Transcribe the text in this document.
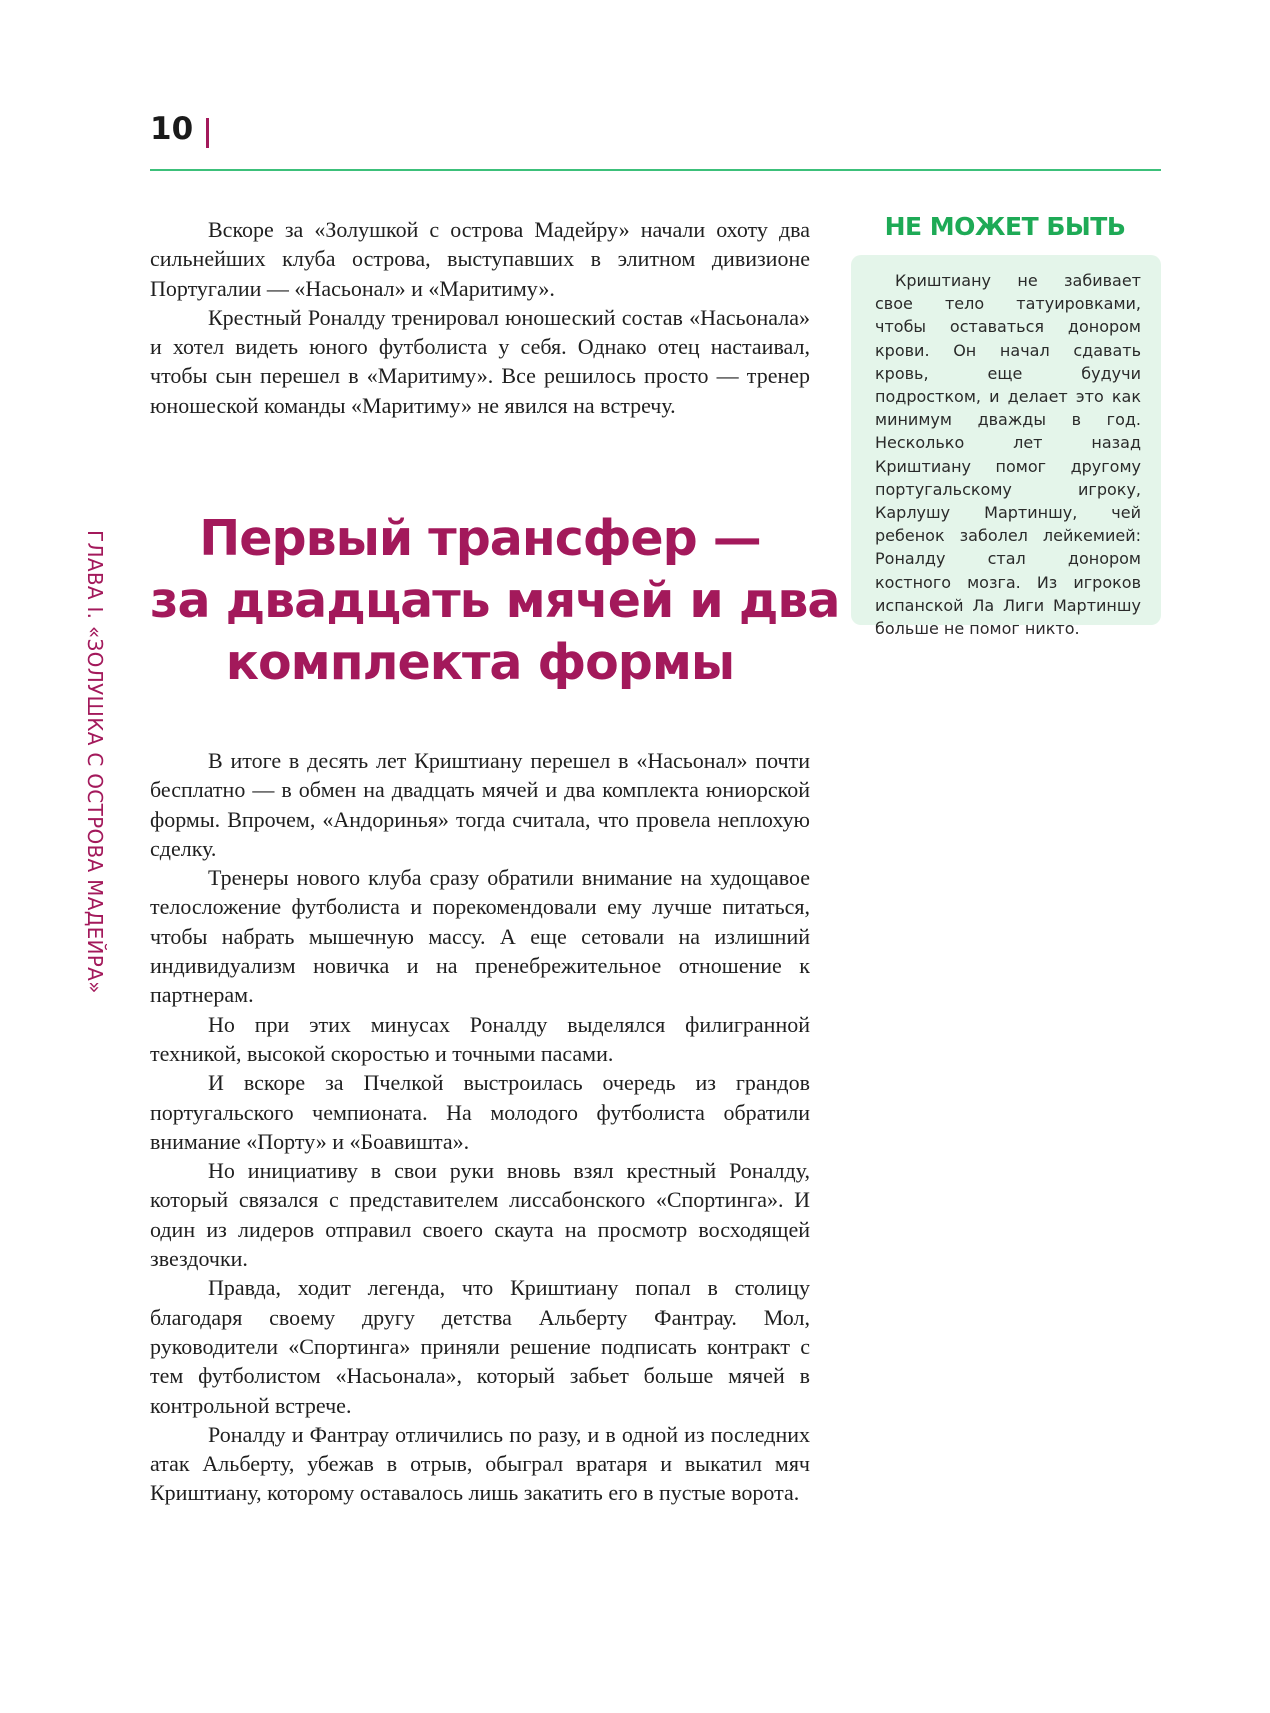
10
ГЛАВА I. «ЗОЛУШКА С ОСТРОВА МАДЕЙРА»

Вскоре за «Золушкой с острова Мадейру» начали охоту два сильнейших клуба острова, выступавших в элитном дивизионе Португалии — «Насьонал» и «Маритиму».

Крестный Роналду тренировал юношеский состав «Насьонала» и хотел видеть юного футболиста у себя. Однако отец настаивал, чтобы сын перешел в «Маритиму». Все решилось просто — тренер юношеской команды «Маритиму» не явился на встречу.

Первый трансфер —
за двадцать мячей и два
комплекта формы

В итоге в десять лет Криштиану перешел в «Насьонал» почти бесплатно — в обмен на двадцать мячей и два комплекта юниорской формы. Впрочем, «Андоринья» тогда считала, что провела неплохую сделку.

Тренеры нового клуба сразу обратили внимание на худощавое телосложение футболиста и порекомендовали ему лучше питаться, чтобы набрать мышечную массу. А еще сетовали на излишний индивидуализм новичка и на пренебрежительное отношение к партнерам.

Но при этих минусах Роналду выделялся филигранной техникой, высокой скоростью и точными пасами.

И вскоре за Пчелкой выстроилась очередь из грандов португальского чемпионата. На молодого футболиста обратили внимание «Порту» и «Боавишта».

Но инициативу в свои руки вновь взял крестный Роналду, который связался с представителем лиссабонского «Спортинга». И один из лидеров отправил своего скаута на просмотр восходящей звездочки.

Правда, ходит легенда, что Криштиану попал в столицу благодаря своему другу детства Альберту Фантрау. Мол, руководители «Спортинга» приняли решение подписать контракт с тем футболистом «Насьонала», который забьет больше мячей в контрольной встрече.

Роналду и Фантрау отличились по разу, и в одной из последних атак Альберту, убежав в отрыв, обыграл вратаря и выкатил мяч Криштиану, которому оставалось лишь закатить его в пустые ворота.

НЕ МОЖЕТ БЫТЬ

Криштиану не забивает свое тело татуировками, чтобы оставаться донором крови. Он начал сдавать кровь, еще будучи подростком, и делает это как минимум дважды в год. Несколько лет назад Криштиану помог другому португальскому игроку, Карлушу Мартиншу, чей ребенок заболел лейкемией: Роналду стал донором костного мозга. Из игроков испанской Ла Лиги Мартиншу больше не помог никто.
